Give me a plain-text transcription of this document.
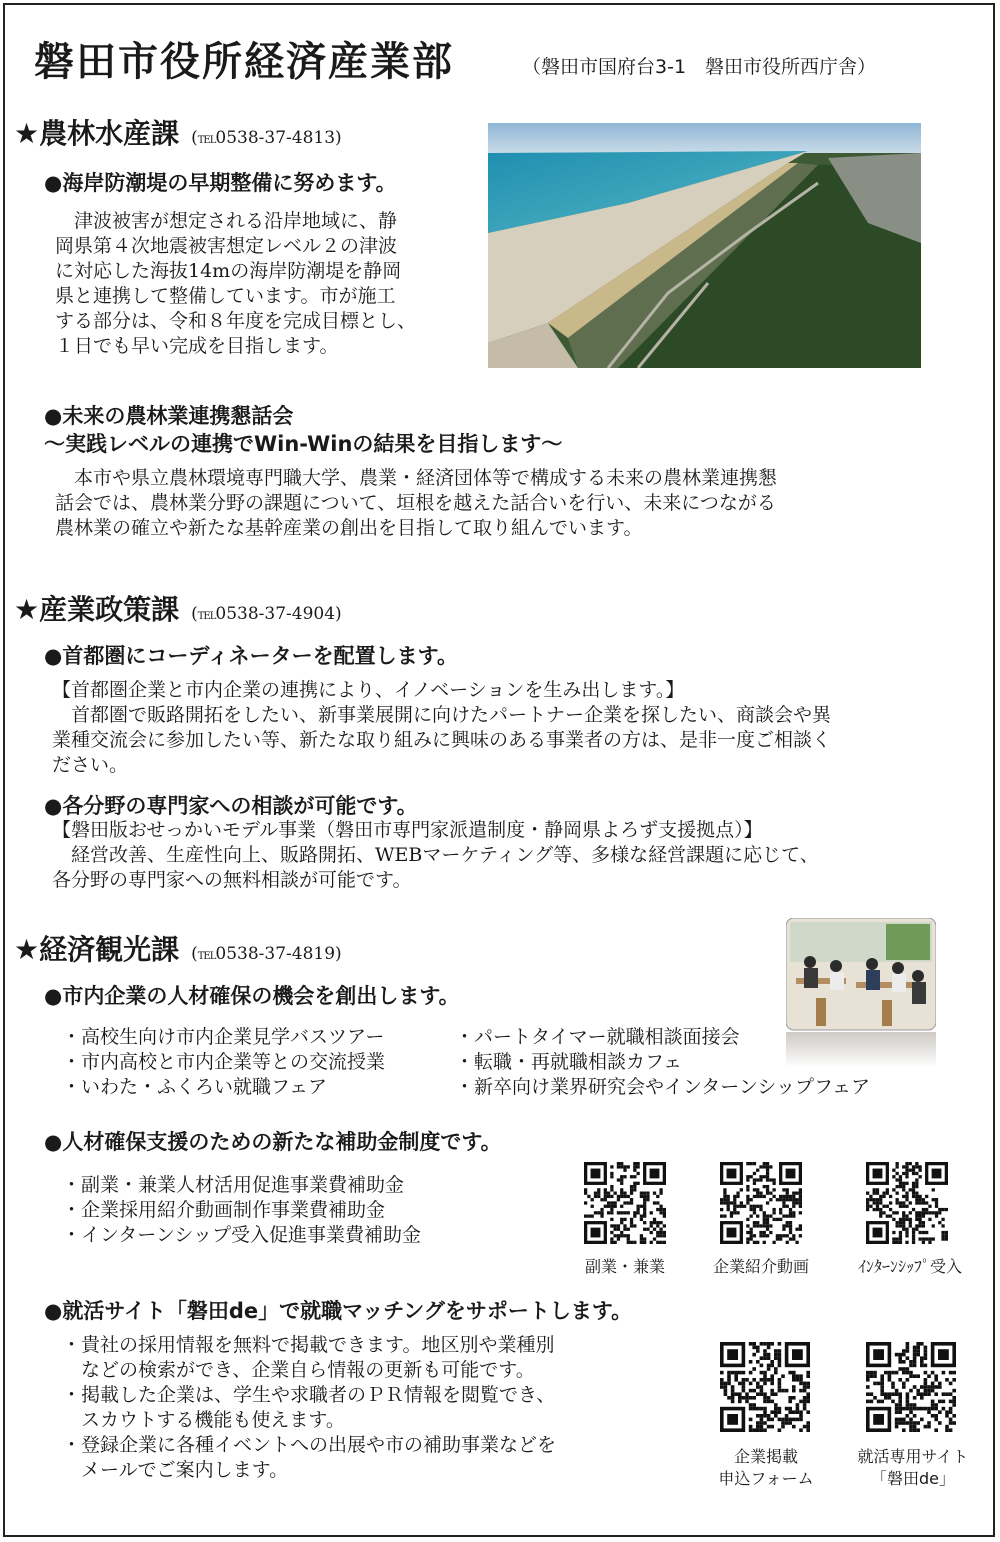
磐田市役所経済産業部	（磐田市国府台3-1　磐田市役所西庁舎）
★農林水産課 (TEL0538-37-4813)
●海岸防潮堤の早期整備に努めます。
　津波被害が想定される沿岸地域に、静
岡県第４次地震被害想定レベル２の津波
に対応した海抜14mの海岸防潮堤を静岡
県と連携して整備しています。市が施工
する部分は、令和８年度を完成目標とし、
１日でも早い完成を目指します。
●未来の農林業連携懇話会
～実践レベルの連携でWin-Winの結果を目指します～
　本市や県立農林環境専門職大学、農業・経済団体等で構成する未来の農林業連携懇
話会では、農林業分野の課題について、垣根を越えた話合いを行い、未来につながる
農林業の確立や新たな基幹産業の創出を目指して取り組んでいます。
★産業政策課 (TEL0538-37-4904)
●首都圏にコーディネーターを配置します。
【首都圏企業と市内企業の連携により、イノベーションを生み出します。】
　首都圏で販路開拓をしたい、新事業展開に向けたパートナー企業を探したい、商談会や異
業種交流会に参加したい等、新たな取り組みに興味のある事業者の方は、是非一度ご相談く
ださい。
●各分野の専門家への相談が可能です。
【磐田版おせっかいモデル事業（磐田市専門家派遣制度・静岡県よろず支援拠点）】
　経営改善、生産性向上、販路開拓、WEBマーケティング等、多様な経営課題に応じて、
各分野の専門家への無料相談が可能です。
★経済観光課 (TEL0538-37-4819)
●市内企業の人材確保の機会を創出します。
・高校生向け市内企業見学バスツアー
・市内高校と市内企業等との交流授業
・いわた・ふくろい就職フェア
・パートタイマー就職相談面接会
・転職・再就職相談カフェ
・新卒向け業界研究会やインターンシップフェア
●人材確保支援のための新たな補助金制度です。
・副業・兼業人材活用促進事業費補助金
・企業採用紹介動画制作事業費補助金
・インターンシップ受入促進事業費補助金
副業・兼業	企業紹介動画	ｲﾝﾀｰﾝｼｯﾌﾟ受入
●就活サイト「磐田de」で就職マッチングをサポートします。
・貴社の採用情報を無料で掲載できます。地区別や業種別
　などの検索ができ、企業自ら情報の更新も可能です。
・掲載した企業は、学生や求職者のＰＲ情報を閲覧でき、
　スカウトする機能も使えます。
・登録企業に各種イベントへの出展や市の補助事業などを
　メールでご案内します。
企業掲載
申込フォーム
就活専用サイト
「磐田de」
